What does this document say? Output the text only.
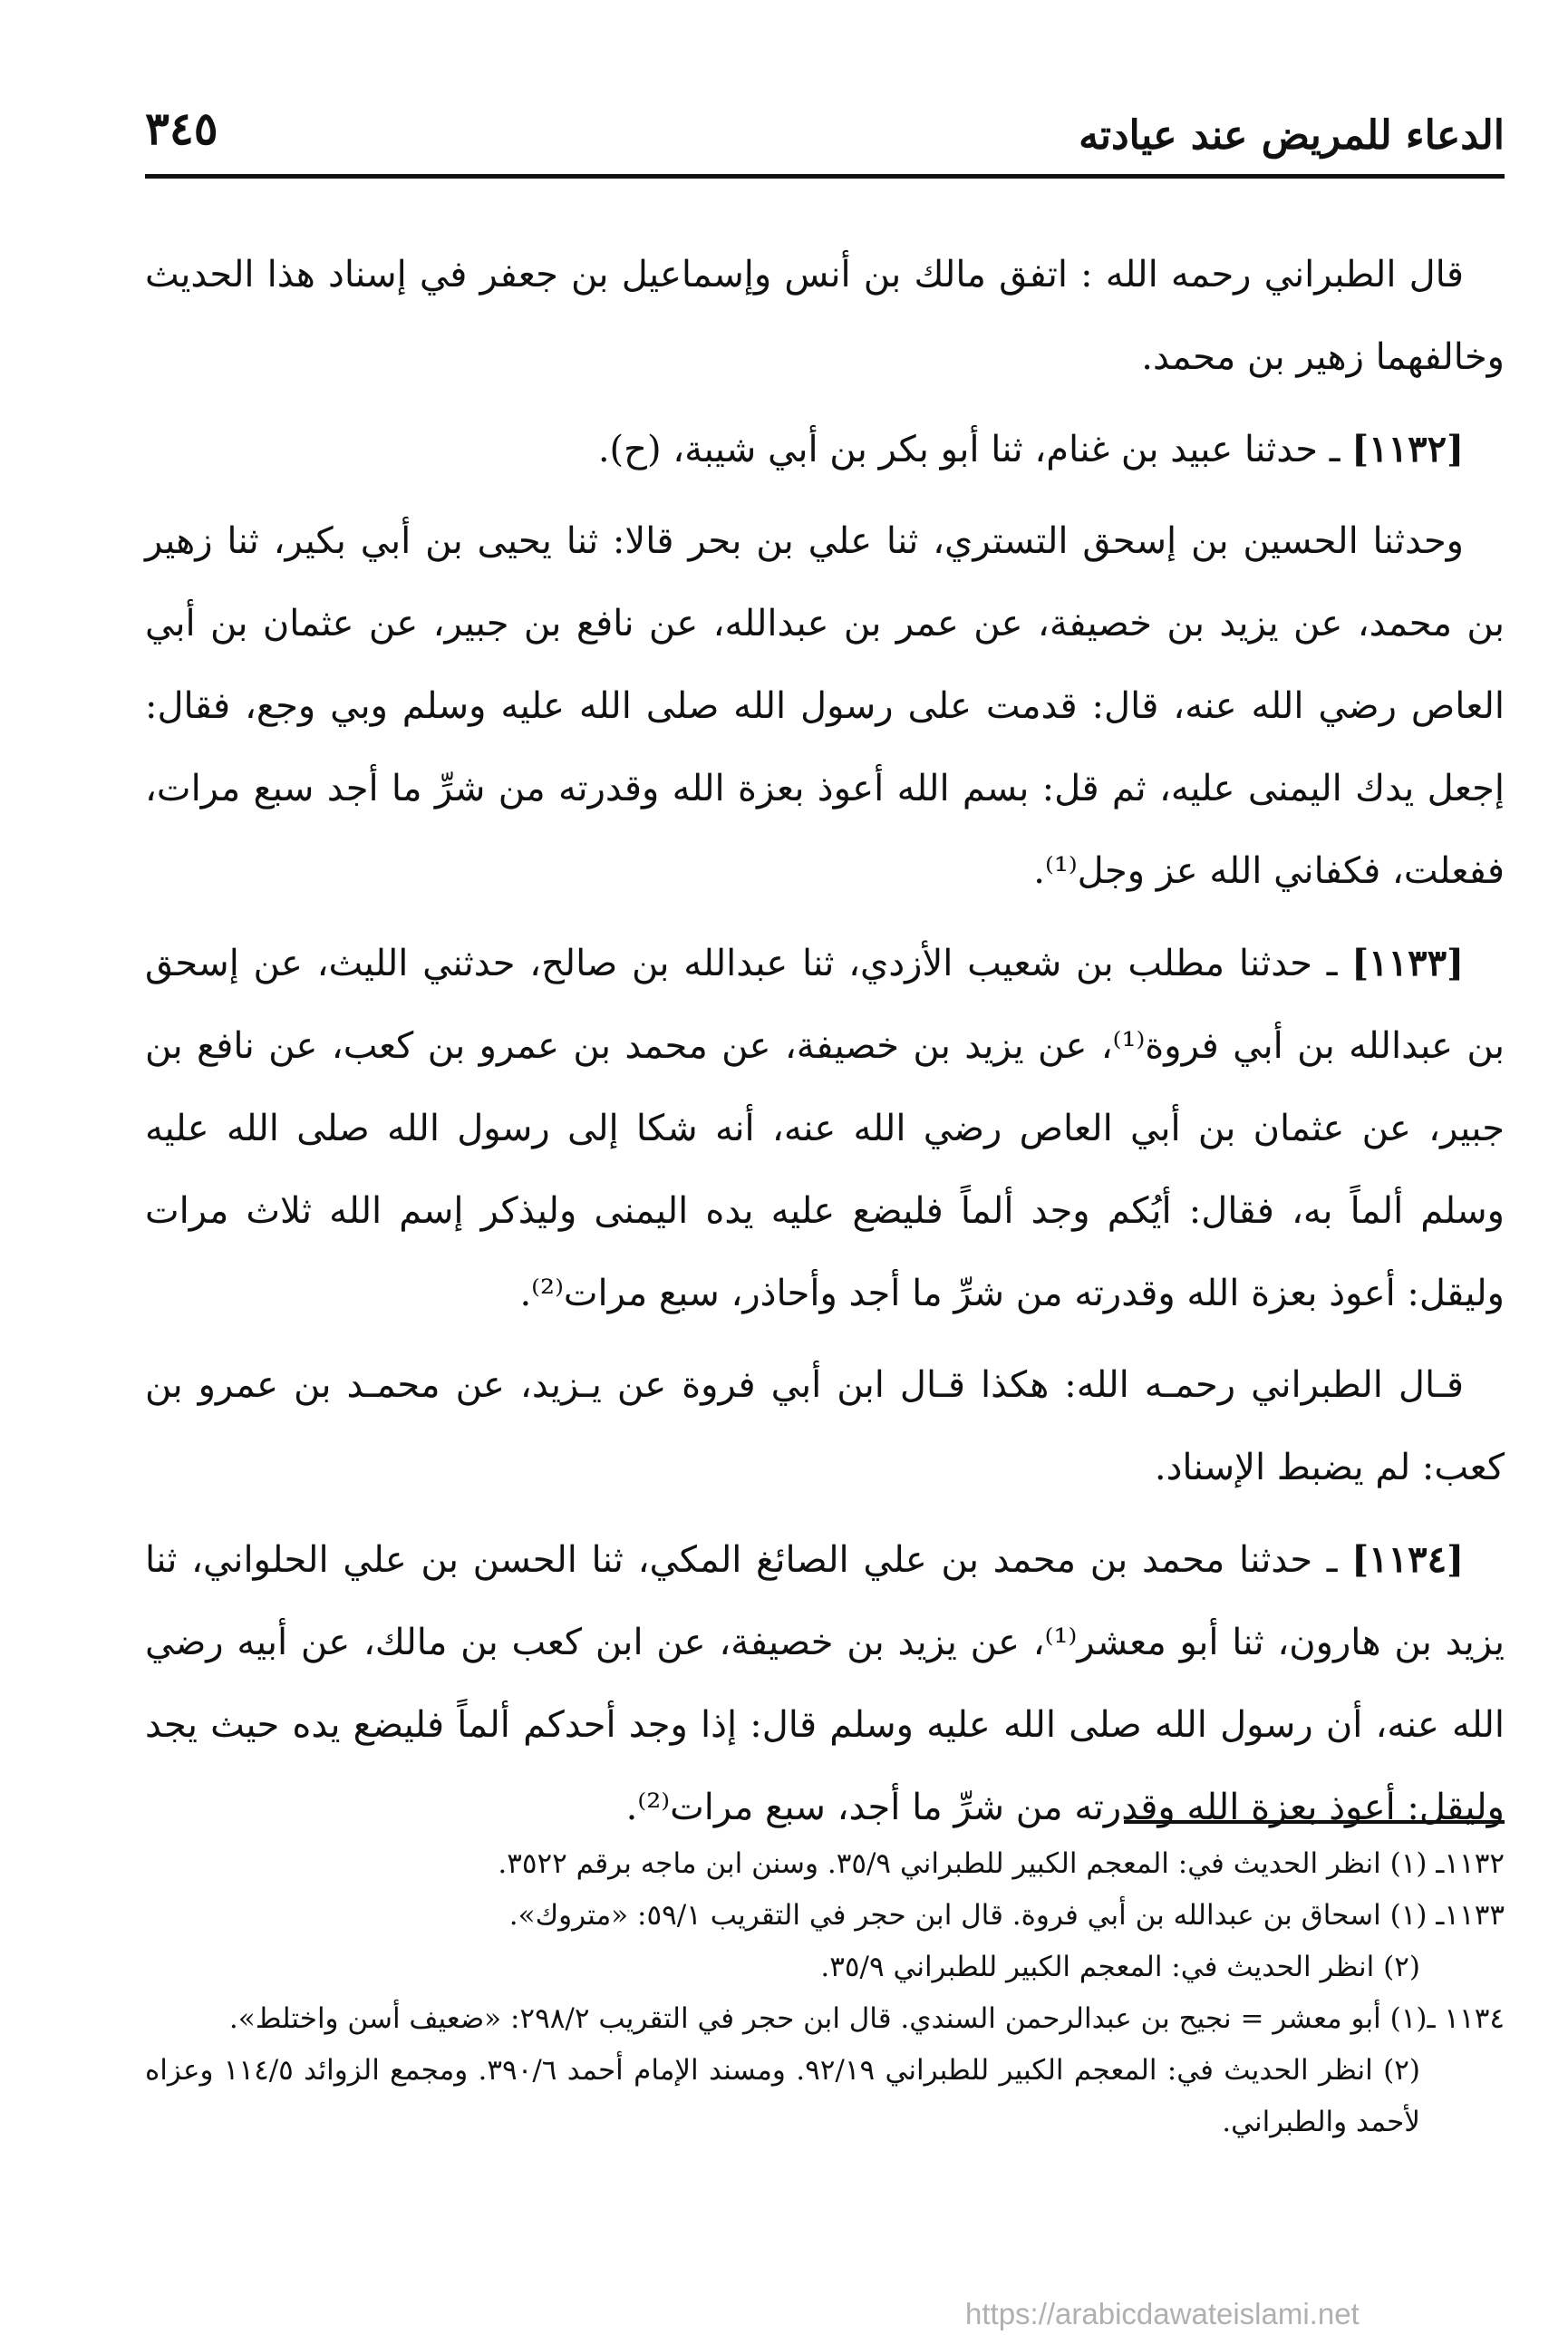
الدعاء للمريض عند عيادته
٣٤٥

قال الطبراني رحمه الله : اتفق مالك بن أنس وإسماعيل بن جعفر في إسناد هذا الحديث وخالفهما زهير بن محمد.

[١١٣٢] ـ حدثنا عبيد بن غنام، ثنا أبو بكر بن أبي شيبة، (ح).

وحدثنا الحسين بن إسحق التستري، ثنا علي بن بحر قالا: ثنا يحيى بن أبي بكير، ثنا زهير بن محمد، عن يزيد بن خصيفة، عن عمر بن عبدالله، عن نافع بن جبير، عن عثمان بن أبي العاص رضي الله عنه، قال: قدمت على رسول الله صلى الله عليه وسلم وبي وجع، فقال: إجعل يدك اليمنى عليه، ثم قل: بسم الله أعوذ بعزة الله وقدرته من شرِّ ما أجد سبع مرات، ففعلت، فكفاني الله عز وجل⁽¹⁾.

[١١٣٣] ـ حدثنا مطلب بن شعيب الأزدي، ثنا عبدالله بن صالح، حدثني الليث، عن إسحق بن عبدالله بن أبي فروة⁽¹⁾، عن يزيد بن خصيفة، عن محمد بن عمرو بن كعب، عن نافع بن جبير، عن عثمان بن أبي العاص رضي الله عنه، أنه شكا إلى رسول الله صلى الله عليه وسلم ألماً به، فقال: أيُكم وجد ألماً فليضع عليه يده اليمنى وليذكر إسم الله ثلاث مرات وليقل: أعوذ بعزة الله وقدرته من شرِّ ما أجد وأحاذر، سبع مرات⁽²⁾.

قـال الطبراني رحمـه الله: هكذا قـال ابن أبي فروة عن يـزيد، عن محمـد بن عمرو بن كعب: لم يضبط الإسناد.

[١١٣٤] ـ حدثنا محمد بن محمد بن علي الصائغ المكي، ثنا الحسن بن علي الحلواني، ثنا يزيد بن هارون، ثنا أبو معشر⁽¹⁾، عن يزيد بن خصيفة، عن ابن كعب بن مالك، عن أبيه رضي الله عنه، أن رسول الله صلى الله عليه وسلم قال: إذا وجد أحدكم ألماً فليضع يده حيث يجد وليقل: أعوذ بعزة الله وقدرته من شرِّ ما أجد، سبع مرات⁽²⁾.

١١٣٢ـ (١) انظر الحديث في: المعجم الكبير للطبراني ٣٥/٩. وسنن ابن ماجه برقم ٣٥٢٢.

١١٣٣ـ (١) اسحاق بن عبدالله بن أبي فروة. قال ابن حجر في التقريب ٥٩/١: «متروك».

(٢) انظر الحديث في: المعجم الكبير للطبراني ٣٥/٩.

١١٣٤ ـ(١) أبو معشر = نجيح بن عبدالرحمن السندي. قال ابن حجر في التقريب ٢٩٨/٢: «ضعيف أسن واختلط».

(٢) انظر الحديث في: المعجم الكبير للطبراني ٩٢/١٩. ومسند الإمام أحمد ٣٩٠/٦. ومجمع الزوائد ١١٤/٥ وعزاه لأحمد والطبراني.

https://arabicdawateislami.net
